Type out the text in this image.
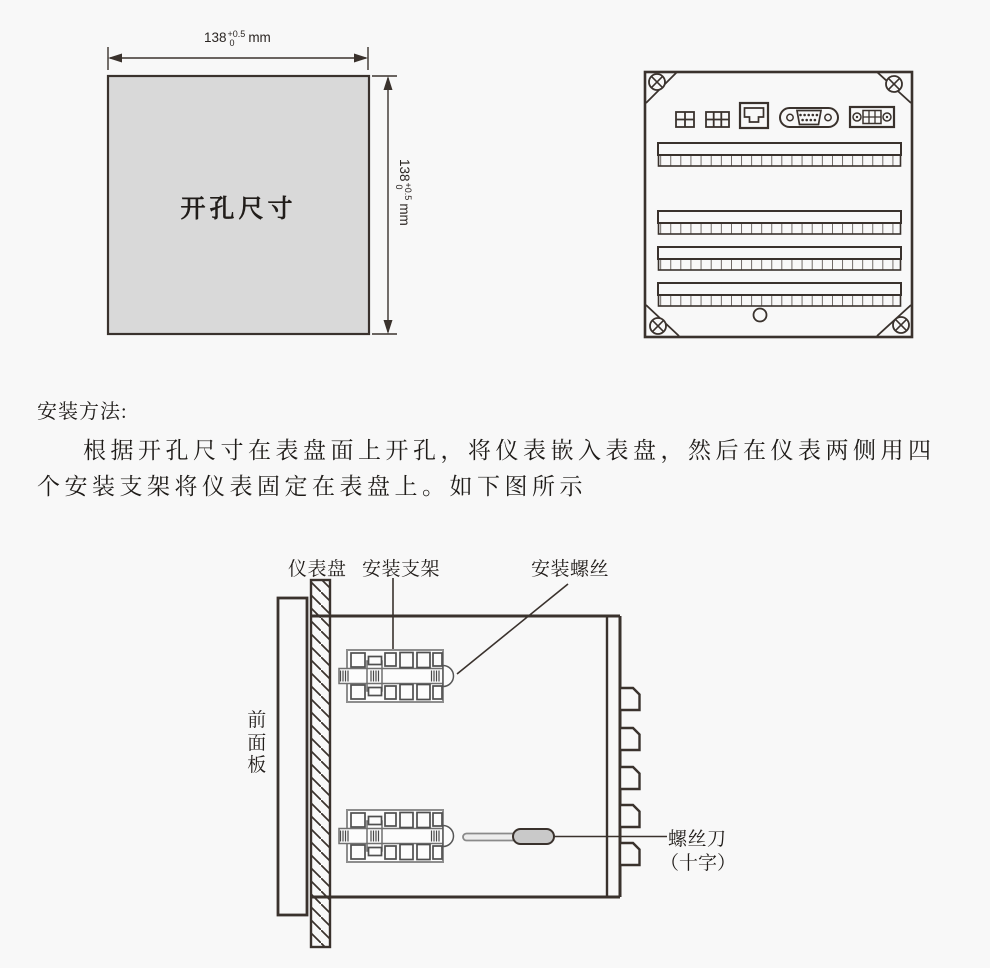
138 +0.5
0 mm
138
+0.5
0
mm
开孔尺寸
安装方法:
根据开孔尺寸在表盘面上开孔，将仪表嵌入表盘，然后在仪表两侧用四
个安装支架将仪表固定在表盘上。如下图所示
仪表盘 安装支架	安装螺丝
前面板
螺丝刀
（十字）
